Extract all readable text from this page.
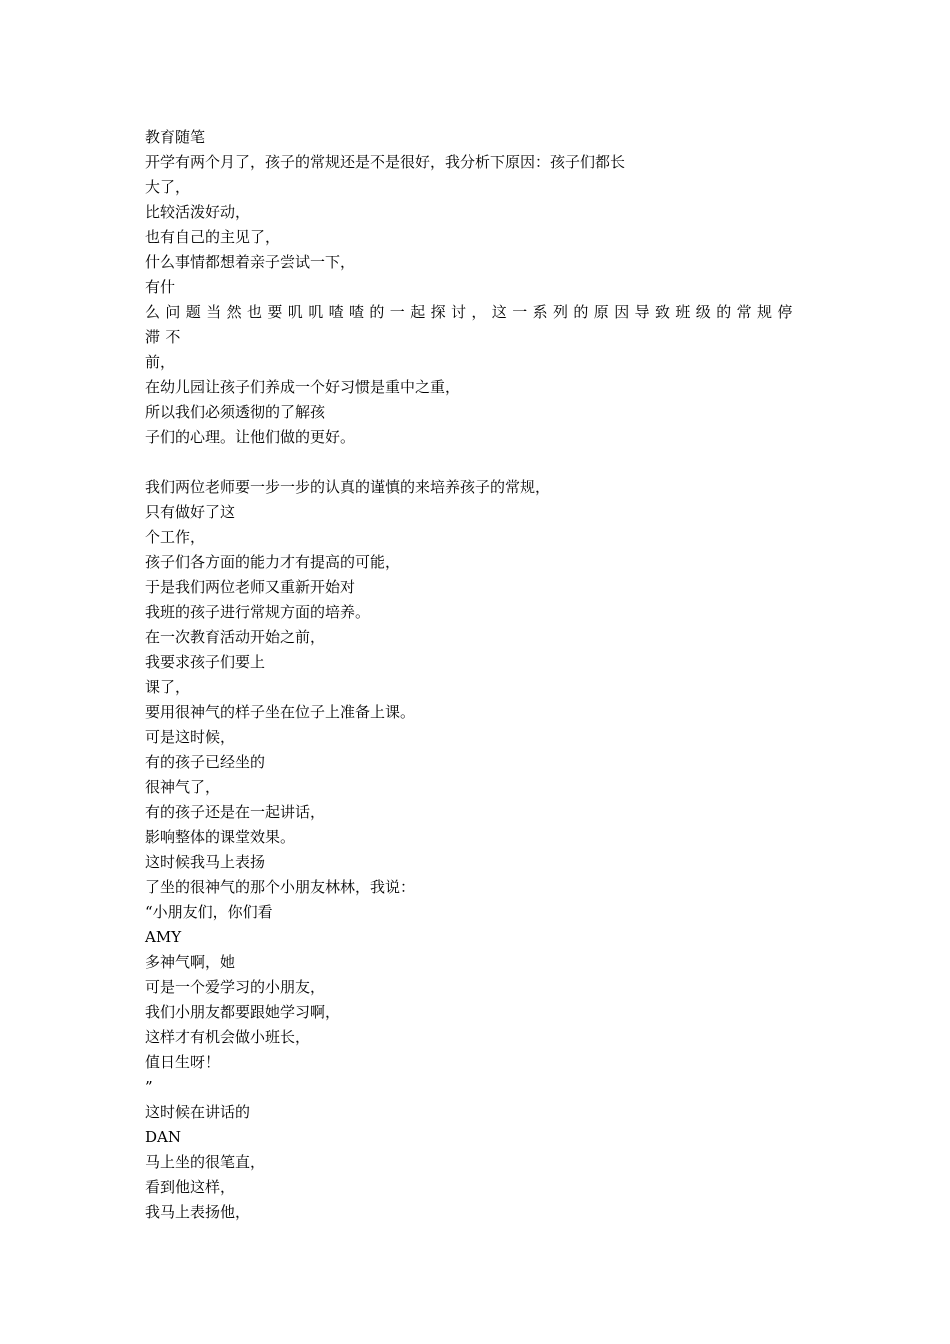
教育随笔
开学有两个月了，孩子的常规还是不是很好，我分析下原因：孩子们都长
大了，
比较活泼好动，
也有自己的主见了，
什么事情都想着亲子尝试一下，
有什
么问题当然也要叽叽喳喳的一起探讨，这一系列的原因导致班级的常规停
滞不
前，
在幼儿园让孩子们养成一个好习惯是重中之重，
所以我们必须透彻的了解孩
子们的心理。让他们做的更好。
我们两位老师要一步一步的认真的谨慎的来培养孩子的常规，
只有做好了这
个工作，
孩子们各方面的能力才有提高的可能，
于是我们两位老师又重新开始对
我班的孩子进行常规方面的培养。
在一次教育活动开始之前，
我要求孩子们要上
课了，
要用很神气的样子坐在位子上准备上课。
可是这时候，
有的孩子已经坐的
很神气了，
有的孩子还是在一起讲话，
影响整体的课堂效果。
这时候我马上表扬
了坐的很神气的那个小朋友林林，我说：
“小朋友们，你们看
AMY
多神气啊，她
可是一个爱学习的小朋友，
我们小朋友都要跟她学习啊，
这样才有机会做小班长，
值日生呀！
”
这时候在讲话的
DAN
马上坐的很笔直，
看到他这样，
我马上表扬他，
